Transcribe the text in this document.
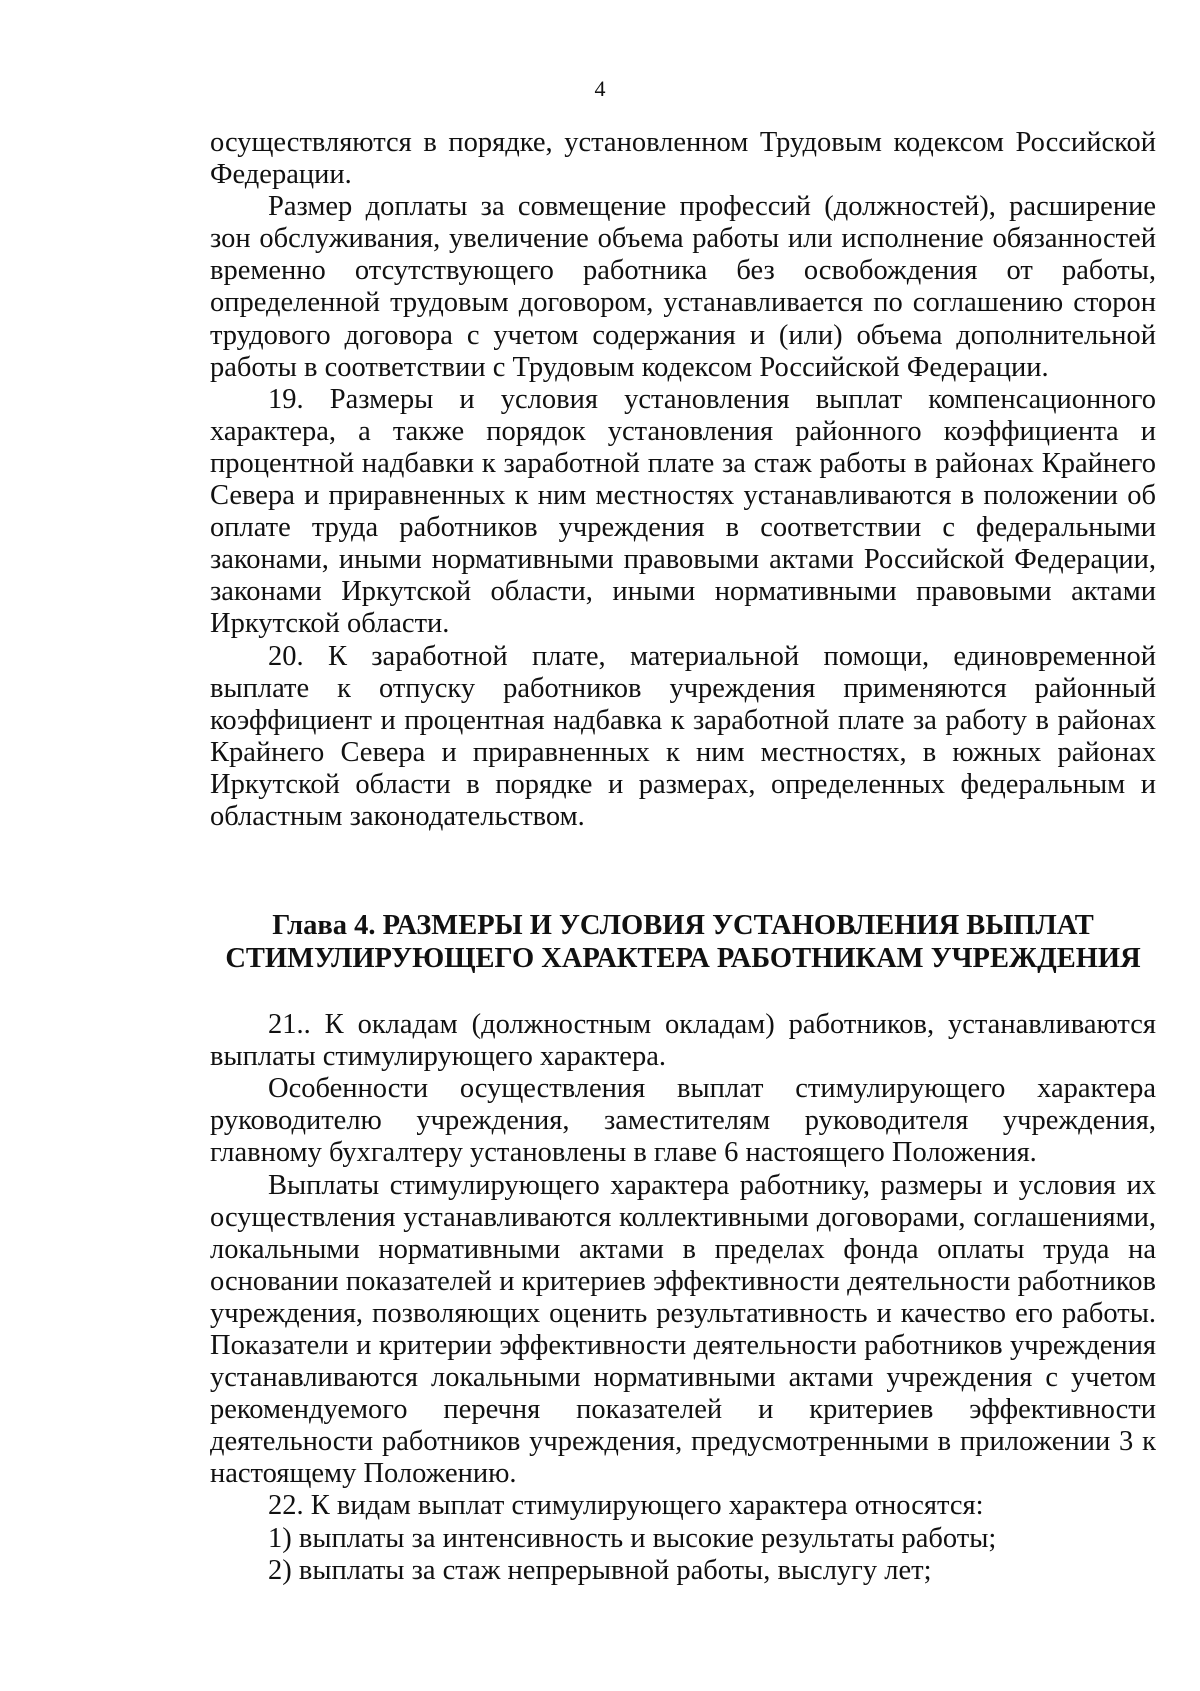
4

осуществляются в порядке, установленном Трудовым кодексом Российской Федерации.

Размер доплаты за совмещение профессий (должностей), расширение зон обслуживания, увеличение объема работы или исполнение обязанностей временно отсутствующего работника без освобождения от работы, определенной трудовым договором, устанавливается по соглашению сторон трудового договора с учетом содержания и (или) объема дополнительной работы в соответствии с Трудовым кодексом Российской Федерации.

19. Размеры и условия установления выплат компенсационного характера, а также порядок установления районного коэффициента и процентной надбавки к заработной плате за стаж работы в районах Крайнего Севера и приравненных к ним местностях устанавливаются в положении об оплате труда работников учреждения в соответствии с федеральными законами, иными нормативными правовыми актами Российской Федерации, законами Иркутской области, иными нормативными правовыми актами Иркутской области.

20. К заработной плате, материальной помощи, единовременной выплате к отпуску работников учреждения применяются районный коэффициент и процентная надбавка к заработной плате за работу в районах Крайнего Севера и приравненных к ним местностях, в южных районах Иркутской области в порядке и размерах, определенных федеральным и областным законодательством.

Глава 4. РАЗМЕРЫ И УСЛОВИЯ УСТАНОВЛЕНИЯ ВЫПЛАТ
СТИМУЛИРУЮЩЕГО ХАРАКТЕРА РАБОТНИКАМ УЧРЕЖДЕНИЯ

21.. К окладам (должностным окладам) работников, устанавливаются выплаты стимулирующего характера.

Особенности осуществления выплат стимулирующего характера руководителю учреждения, заместителям руководителя учреждения, главному бухгалтеру установлены в главе 6 настоящего Положения.

Выплаты стимулирующего характера работнику, размеры и условия их осуществления устанавливаются коллективными договорами, соглашениями, локальными нормативными актами в пределах фонда оплаты труда на основании показателей и критериев эффективности деятельности работников учреждения, позволяющих оценить результативность и качество его работы. Показатели и критерии эффективности деятельности работников учреждения устанавливаются локальными нормативными актами учреждения с учетом рекомендуемого перечня показателей и критериев эффективности деятельности работников учреждения, предусмотренными в приложении 3 к настоящему Положению.

22. К видам выплат стимулирующего характера относятся:

1) выплаты за интенсивность и высокие результаты работы;

2) выплаты за стаж непрерывной работы, выслугу лет;
